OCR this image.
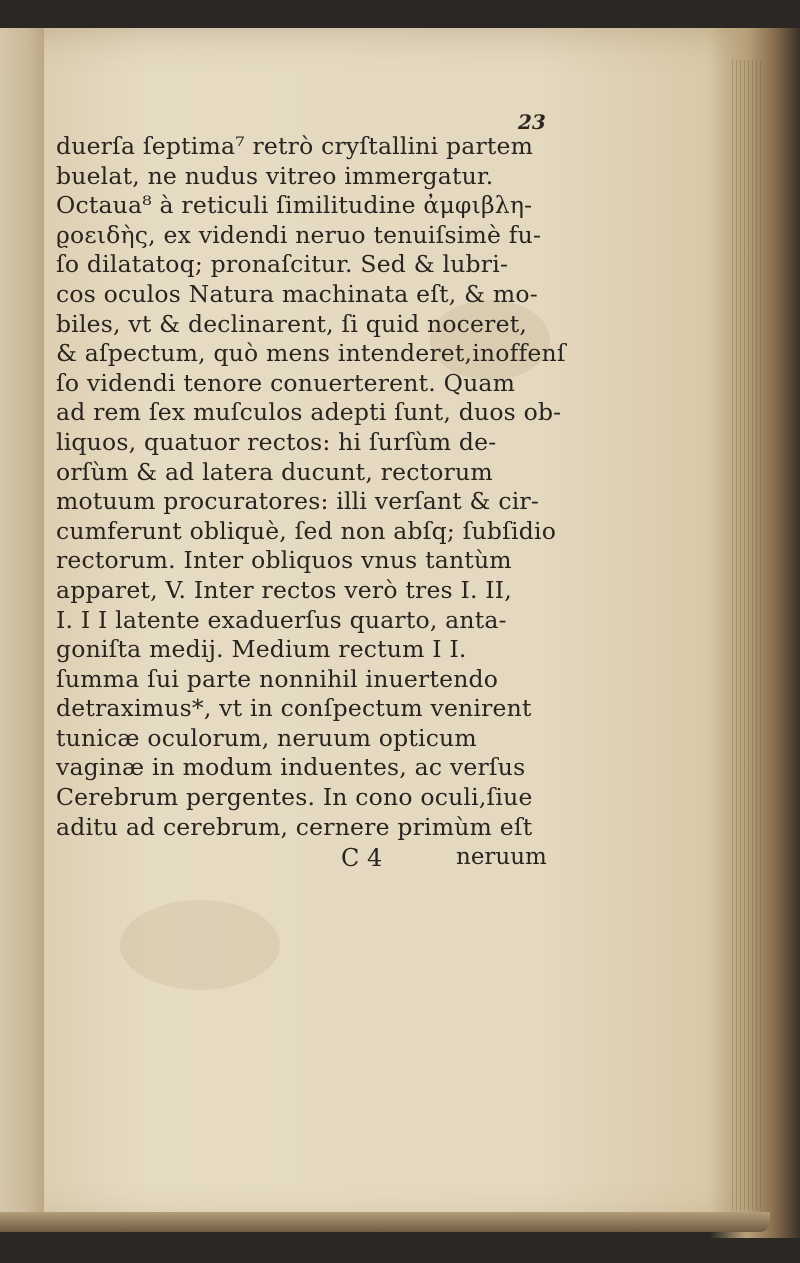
23
duerſa ſeptima⁷ retrò cryſtallini partem
buelat, ne nudus vitreo immergatur.
Octaua⁸ à reticuli ſimilitudine ἀμφιβλη-
ϱοειδὴς, ex videndi neruo tenuiſsimè fu-
ſo dilatatoq; pronaſcitur. Sed & lubri-
cos oculos Natura machinata eſt, & mo-
biles, vt & declinarent, ſi quid noceret,
& aſpectum, quò mens intenderet,inoffenſ
ſo videndi tenore conuerterent. Quam
ad rem ſex muſculos adepti ſunt, duos ob-
liquos, quatuor rectos: hi ſurſùm de-
orſùm & ad latera ducunt, rectorum
motuum procuratores: illi verſant & cir-
cumferunt obliquè, ſed non abſq; ſubſidio
rectorum. Inter obliquos vnus tantùm
apparet, V. Inter rectos verò tres I. II,
I. I I latente exaduerſus quarto, anta-
goniſta medij. Medium rectum I I.
ſumma ſui parte nonnihil inuertendo
detraximus*, vt in conſpectum venirent
tunicæ oculorum, neruum opticum
vaginæ in modum induentes, ac verſus
Cerebrum pergentes. In cono oculi,ſiue
aditu ad cerebrum, cernere primùm eſt
C 4	neruum
